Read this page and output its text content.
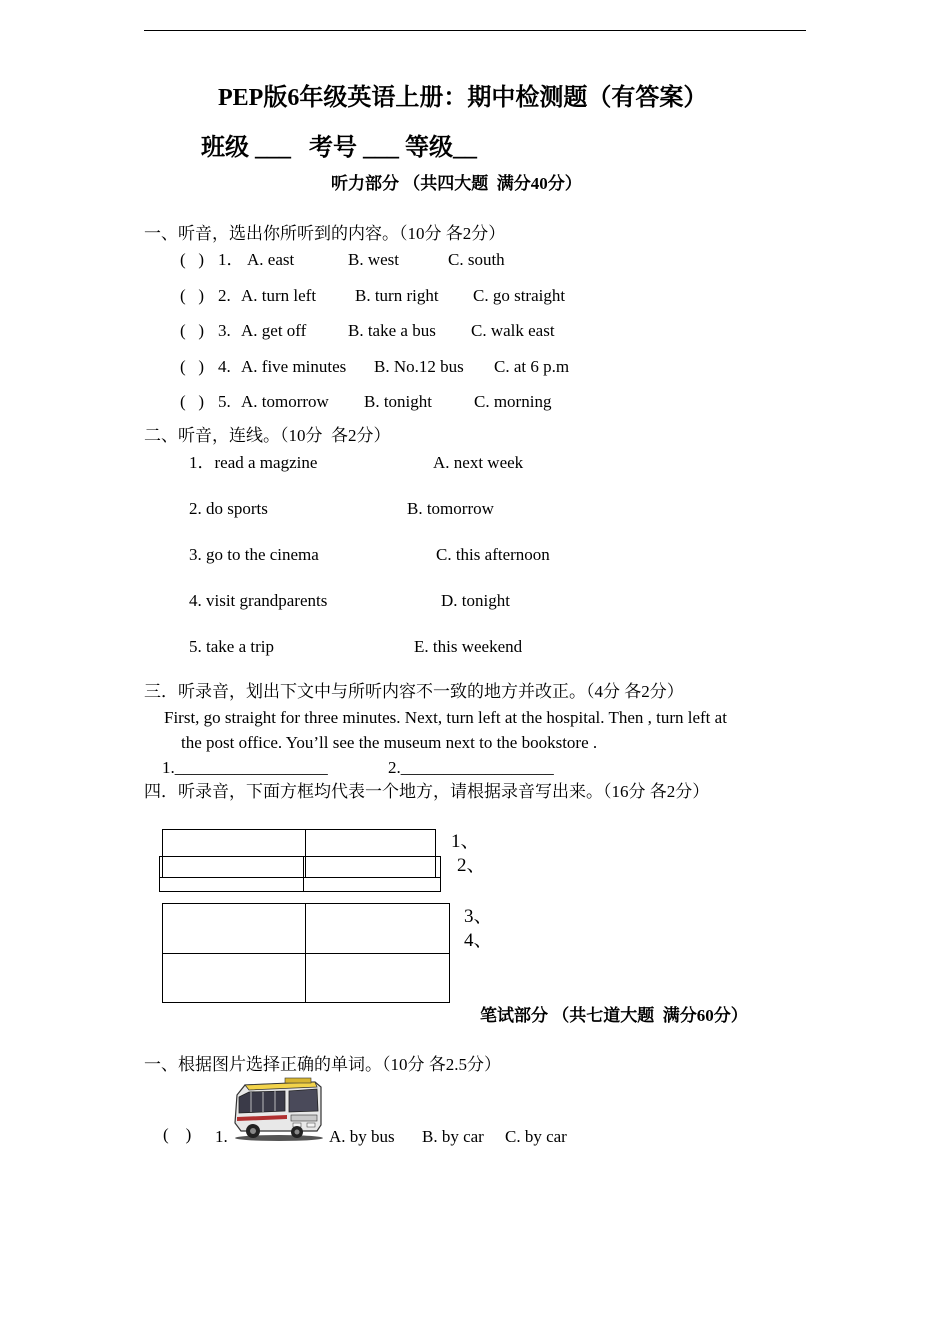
PEP版6年级英语上册：期中检测题（有答案）
班级 ___   考号 ___ 等级__
听力部分 （共四大题  满分40分）
一、听音，选出你所听到的内容。（10分 各2分）
(   ) 1． A. east	B. west	C. south
(   ) 2. A. turn left B. turn right C. go straight
(   ) 3. A. get off B. take a bus C. walk east
(   ) 4. A. five minutes B. No.12 bus C. at 6 p.m
(   ) 5. A. tomorrow B. tonight C. morning
二、听音，连线。（10分  各2分）
1．read a magzine	A. next week
2. do sports	B. tomorrow
3. go to the cinema	C. this afternoon
4. visit grandparents	D. tonight
5. take a trip	E. this weekend
三．听录音，划出下文中与所听内容不一致的地方并改正。（4分 各2分）
First, go straight for three minutes. Next, turn left at the hospital. Then , turn left at
the post office. You’ll see the museum next to the bookstore .
1.__________________	2.__________________
四．听录音，下面方框均代表一个地方，请根据录音写出来。（16分 各2分）
1、
2、
3、
4、
笔试部分 （共七道大题  满分60分）
一、根据图片选择正确的单词。（10分 各2.5分）
(    ) 1.	A. by bus B. by car C. by car
